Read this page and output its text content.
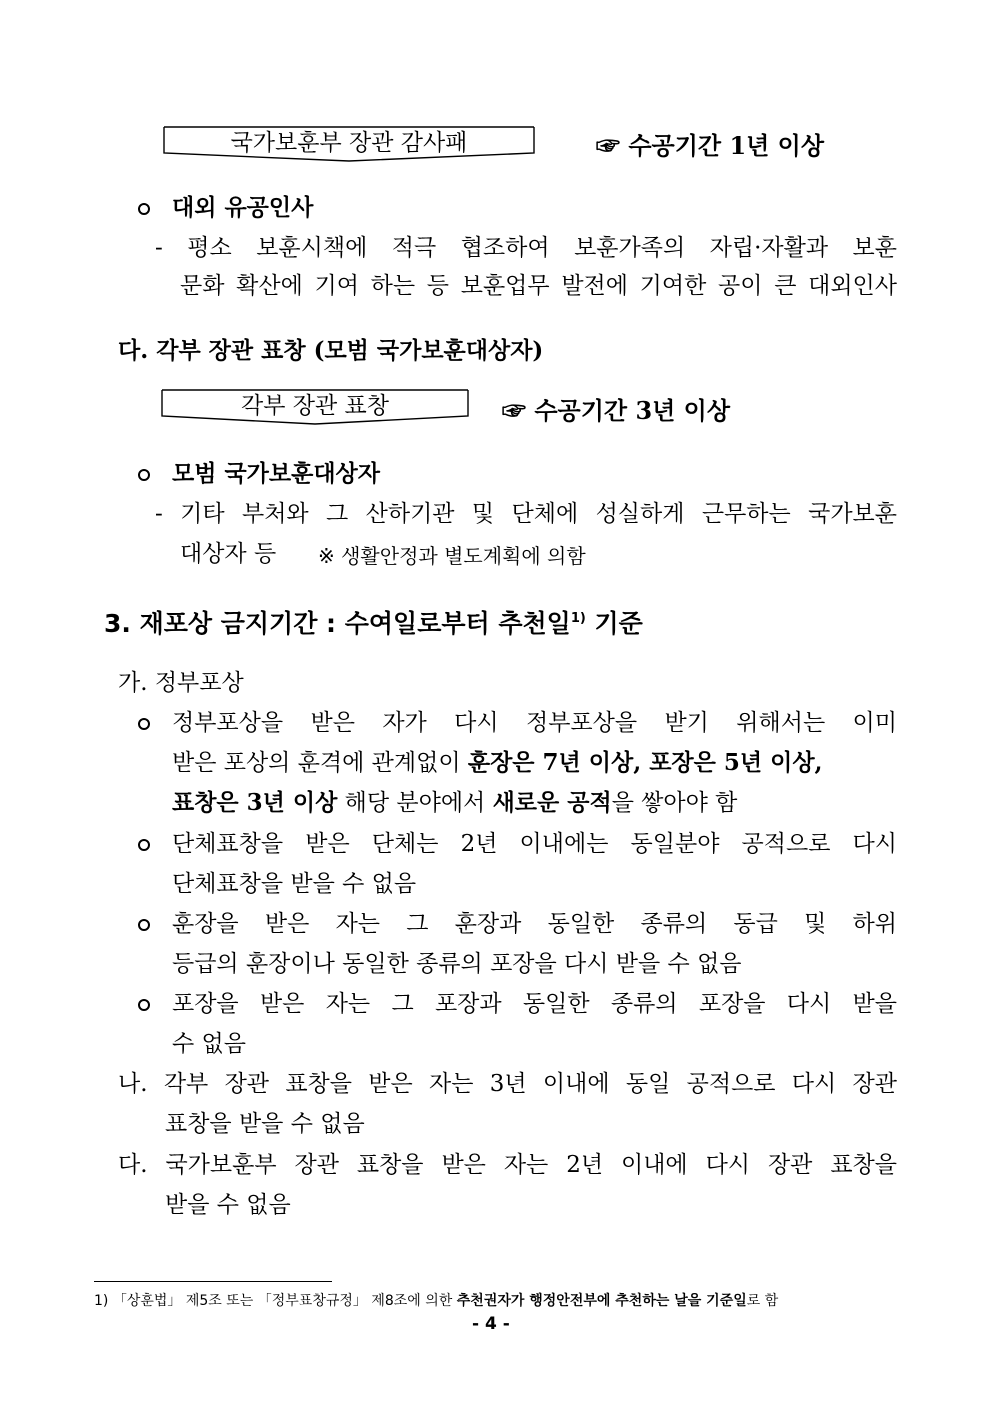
국가보훈부 장관 감사패	☞ 수공기간 1년 이상
대외 유공인사
- 평소 보훈시책에 적극 협조하여 보훈가족의 자립·자활과 보훈
문화 확산에 기여 하는 등 보훈업무 발전에 기여한 공이 큰 대외인사
다. 각부 장관 표창 (모범 국가보훈대상자)
각부 장관 표창	☞ 수공기간 3년 이상
모범 국가보훈대상자
- 기타 부처와 그 산하기관 및 단체에 성실하게 근무하는 국가보훈
대상자 등 ※ 생활안정과 별도계획에 의함
3. 재포상 금지기간 : 수여일로부터 추천일$^{1)}$ 기준
가. 정부포상
정부포상을 받은 자가 다시 정부포상을 받기 위해서는 이미
받은 포상의 훈격에 관계없이 훈장은 7년 이상, 포장은 5년 이상,
표창은 3년 이상 해당 분야에서 새로운 공적을 쌓아야 함
단체표창을 받은 단체는 2년 이내에는 동일분야 공적으로 다시
단체표창을 받을 수 없음
훈장을 받은 자는 그 훈장과 동일한 종류의 동급 및 하위
등급의 훈장이나 동일한 종류의 포장을 다시 받을 수 없음
포장을 받은 자는 그 포장과 동일한 종류의 포장을 다시 받을
수 없음
나. 각부 장관 표창을 받은 자는 3년 이내에 동일 공적으로 다시 장관
표창을 받을 수 없음
다. 국가보훈부 장관 표창을 받은 자는 2년 이내에 다시 장관 표창을
받을 수 없음
1) 「상훈법」 제5조 또는 「정부표창규정」 제8조에 의한 추천권자가 행정안전부에 추천하는 날을 기준일로 함
- 4 -
